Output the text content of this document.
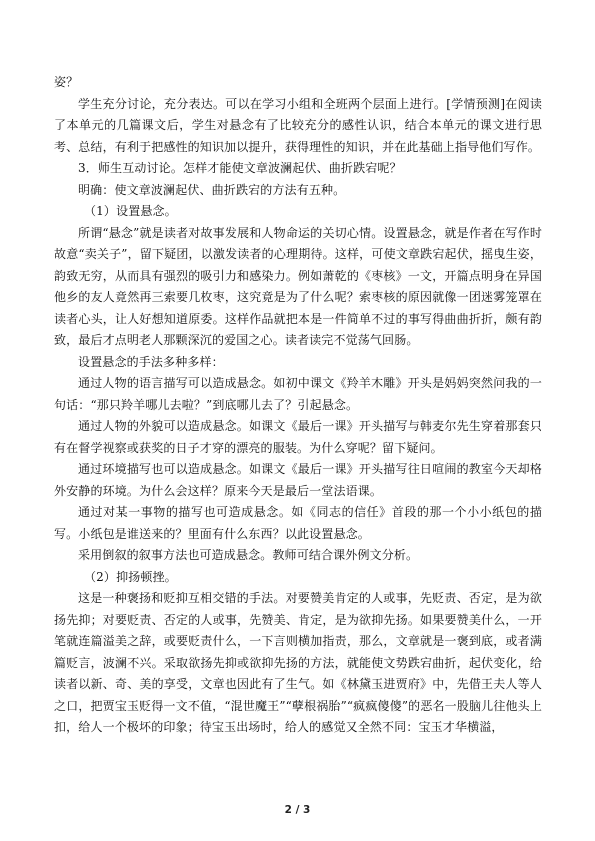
姿？

学生充分讨论，充分表达。可以在学习小组和全班两个层面上进行。[学情预测]在阅读了本单元的几篇课文后，学生对悬念有了比较充分的感性认识，结合本单元的课文进行思考、总结，有利于把感性的知识加以提升，获得理性的知识，并在此基础上指导他们写作。

3．师生互动讨论。怎样才能使文章波澜起伏、曲折跌宕呢？

明确：使文章波澜起伏、曲折跌宕的方法有五种。

（1）设置悬念。

所谓“悬念”就是读者对故事发展和人物命运的关切心情。设置悬念，就是作者在写作时故意“卖关子”，留下疑团，以激发读者的心理期待。这样，可使文章跌宕起伏，摇曳生姿，韵致无穷，从而具有强烈的吸引力和感染力。例如萧乾的《枣核》一文，开篇点明身在异国他乡的友人竟然再三索要几枚枣，这究竟是为了什么呢？索枣核的原因就像一团迷雾笼罩在读者心头，让人好想知道原委。这样作品就把本是一件简单不过的事写得曲曲折折，颇有韵致，最后才点明老人那颗深沉的爱国之心。读者读完不觉荡气回肠。

设置悬念的手法多种多样：

通过人物的语言描写可以造成悬念。如初中课文《羚羊木雕》开头是妈妈突然问我的一句话：“那只羚羊哪儿去啦？”到底哪儿去了？引起悬念。

通过人物的外貌可以造成悬念。如课文《最后一课》开头描写与韩麦尔先生穿着那套只有在督学视察或获奖的日子才穿的漂亮的服装。为什么穿呢？留下疑问。

通过环境描写也可以造成悬念。如课文《最后一课》开头描写往日喧闹的教室今天却格外安静的环境。为什么会这样？原来今天是最后一堂法语课。

通过对某一事物的描写也可造成悬念。如《同志的信任》首段的那一个小小纸包的描写。小纸包是谁送来的？里面有什么东西？以此设置悬念。

采用倒叙的叙事方法也可造成悬念。教师可结合课外例文分析。

（2）抑扬顿挫。

这是一种褒扬和贬抑互相交错的手法。对要赞美肯定的人或事，先贬责、否定，是为欲扬先抑；对要贬责、否定的人或事，先赞美、肯定，是为欲抑先扬。如果要赞美什么，一开笔就连篇溢美之辞，或要贬责什么，一下言则横加指责，那么，文章就是一褒到底，或者满篇贬言，波澜不兴。采取欲扬先抑或欲抑先扬的方法，就能使文势跌宕曲折，起伏变化，给读者以新、奇、美的享受，文章也因此有了生气。如《林黛玉进贾府》中，先借王夫人等人之口，把贾宝玉贬得一文不值，“混世魔王”“孽根祸胎”“疯疯傻傻”的恶名一股脑儿往他头上扣，给人一个极坏的印象；待宝玉出场时，给人的感觉又全然不同：宝玉才华横溢，

2 / 3
